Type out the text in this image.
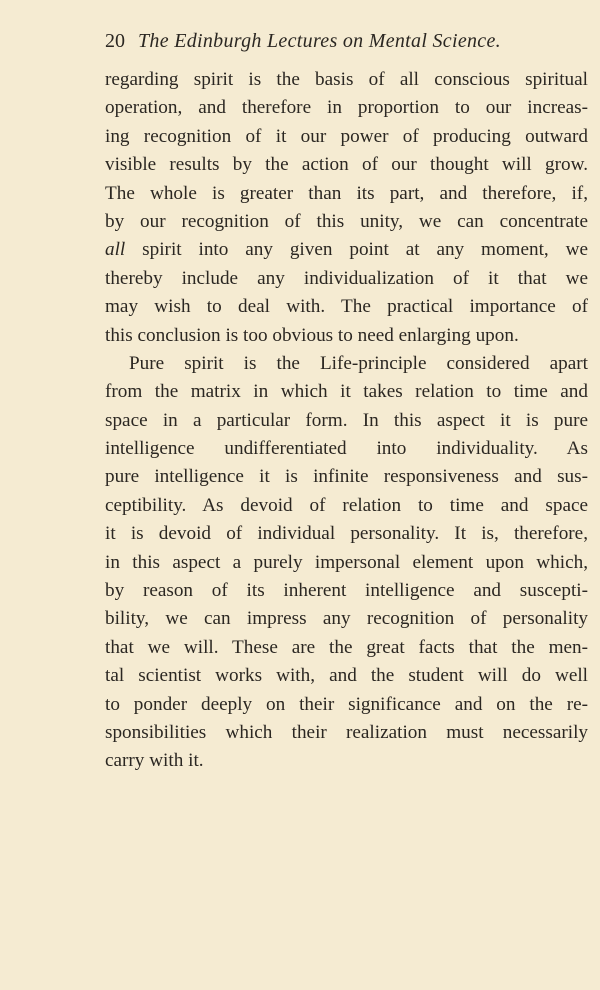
20 The Edinburgh Lectures on Mental Science.
regarding spirit is the basis of all conscious spiritual
operation, and therefore in proportion to our increas-
ing recognition of it our power of producing outward
visible results by the action of our thought will grow.
The whole is greater than its part, and therefore, if,
by our recognition of this unity, we can concentrate
all spirit into any given point at any moment, we
thereby include any individualization of it that we
may wish to deal with. The practical importance of
this conclusion is too obvious to need enlarging upon.
Pure spirit is the Life-principle considered apart
from the matrix in which it takes relation to time and
space in a particular form. In this aspect it is pure
intelligence undifferentiated into individuality. As
pure intelligence it is infinite responsiveness and sus-
ceptibility. As devoid of relation to time and space
it is devoid of individual personality. It is, therefore,
in this aspect a purely impersonal element upon which,
by reason of its inherent intelligence and suscepti-
bility, we can impress any recognition of personality
that we will. These are the great facts that the men-
tal scientist works with, and the student will do well
to ponder deeply on their significance and on the re-
sponsibilities which their realization must necessarily
carry with it.
